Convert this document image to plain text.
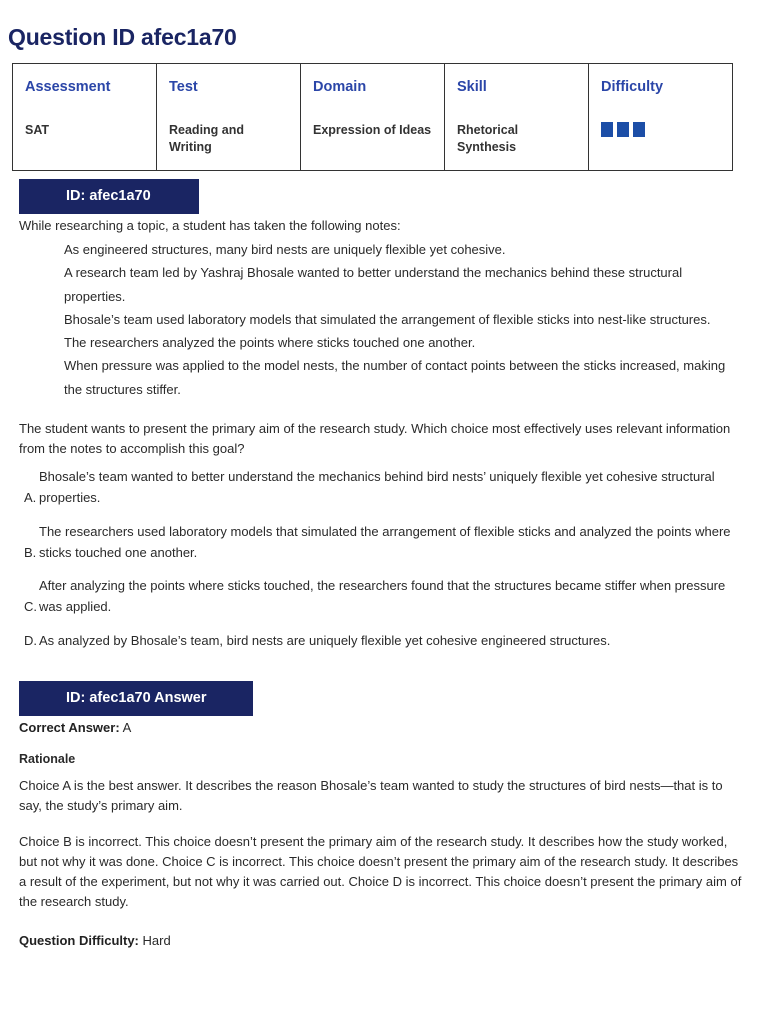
Question ID afec1a70
Assessment
SAT

Test
Reading and Writing

Domain
Expression of Ideas

Skill
Rhetorical Synthesis

Difficulty
ID: afec1a70
While researching a topic, a student has taken the following notes:
As engineered structures, many bird nests are uniquely flexible yet cohesive.
A research team led by Yashraj Bhosale wanted to better understand the mechanics behind these structural properties.
Bhosale’s team used laboratory models that simulated the arrangement of flexible sticks into nest-like structures.
The researchers analyzed the points where sticks touched one another.
When pressure was applied to the model nests, the number of contact points between the sticks increased, making the structures stiffer.
The student wants to present the primary aim of the research study. Which choice most effectively uses relevant information from the notes to accomplish this goal?
A.
Bhosale’s team wanted to better understand the mechanics behind bird nests’ uniquely flexible yet cohesive structural properties.
B.
The researchers used laboratory models that simulated the arrangement of flexible sticks and analyzed the points where sticks touched one another.
C.
After analyzing the points where sticks touched, the researchers found that the structures became stiffer when pressure was applied.
D. As analyzed by Bhosale’s team, bird nests are uniquely flexible yet cohesive engineered structures.
ID: afec1a70 Answer
Correct Answer: A
Rationale
Choice A is the best answer. It describes the reason Bhosale’s team wanted to study the structures of bird nests—that is to say, the study’s primary aim.
Choice B is incorrect. This choice doesn’t present the primary aim of the research study. It describes how the study worked, but not why it was done. Choice C is incorrect. This choice doesn’t present the primary aim of the research study. It describes a result of the experiment, but not why it was carried out. Choice D is incorrect. This choice doesn’t present the primary aim of the research study.
Question Difficulty: Hard
